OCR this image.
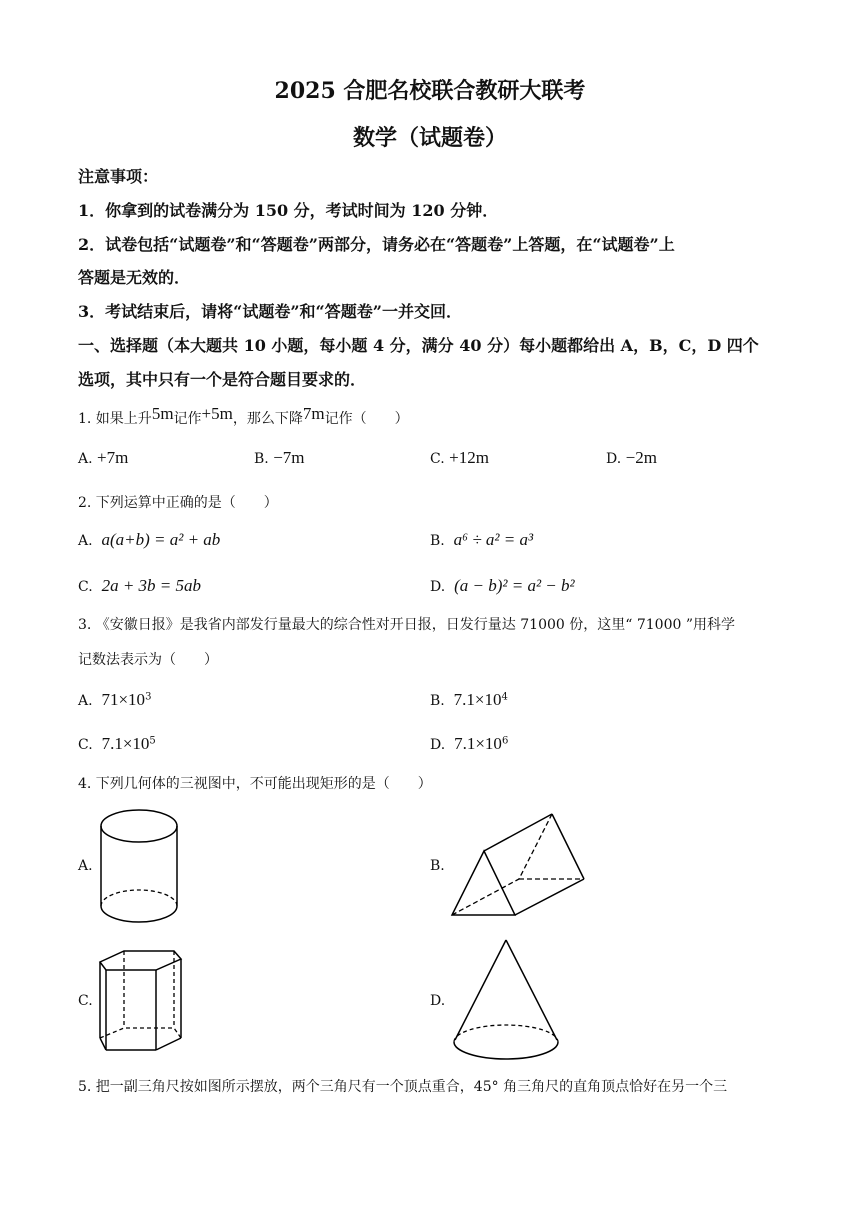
2025 合肥名校联合教研大联考
数学（试题卷）
注意事项：
1．你拿到的试卷满分为 150 分，考试时间为 120 分钟．
2．试卷包括“试题卷”和“答题卷”两部分，请务必在“答题卷”上答题，在“试题卷”上
答题是无效的．
3．考试结束后，请将“试题卷”和“答题卷”一并交回．
一、选择题（本大题共 10 小题，每小题 4 分，满分 40 分）每小题都给出 A，B，C，D 四个
选项，其中只有一个是符合题目要求的．
1. 如果上升5m记作+5m，那么下降7m记作（　　）
A. +7m	B. −7m	C. +12m	D. −2m
2. 下列运算中正确的是（　　）
A. a(a+b) = a² + ab	B. a⁶ ÷ a² = a³
C. 2a + 3b = 5ab	D. (a − b)² = a² − b²
3. 《安徽日报》是我省内部发行量最大的综合性对开日报，日发行量达 71000 份，这里“ 71000 ”用科学
记数法表示为（　　）
A. $71\times 10^3$	B. $7.1\times 10^4$
C. $7.1\times 10^5$	D. $7.1\times 10^6$
4. 下列几何体的三视图中，不可能出现矩形的是（　　）
A.	B.
C.	D.
5. 把一副三角尺按如图所示摆放，两个三角尺有一个顶点重合，45° 角三角尺的直角顶点恰好在另一个三
